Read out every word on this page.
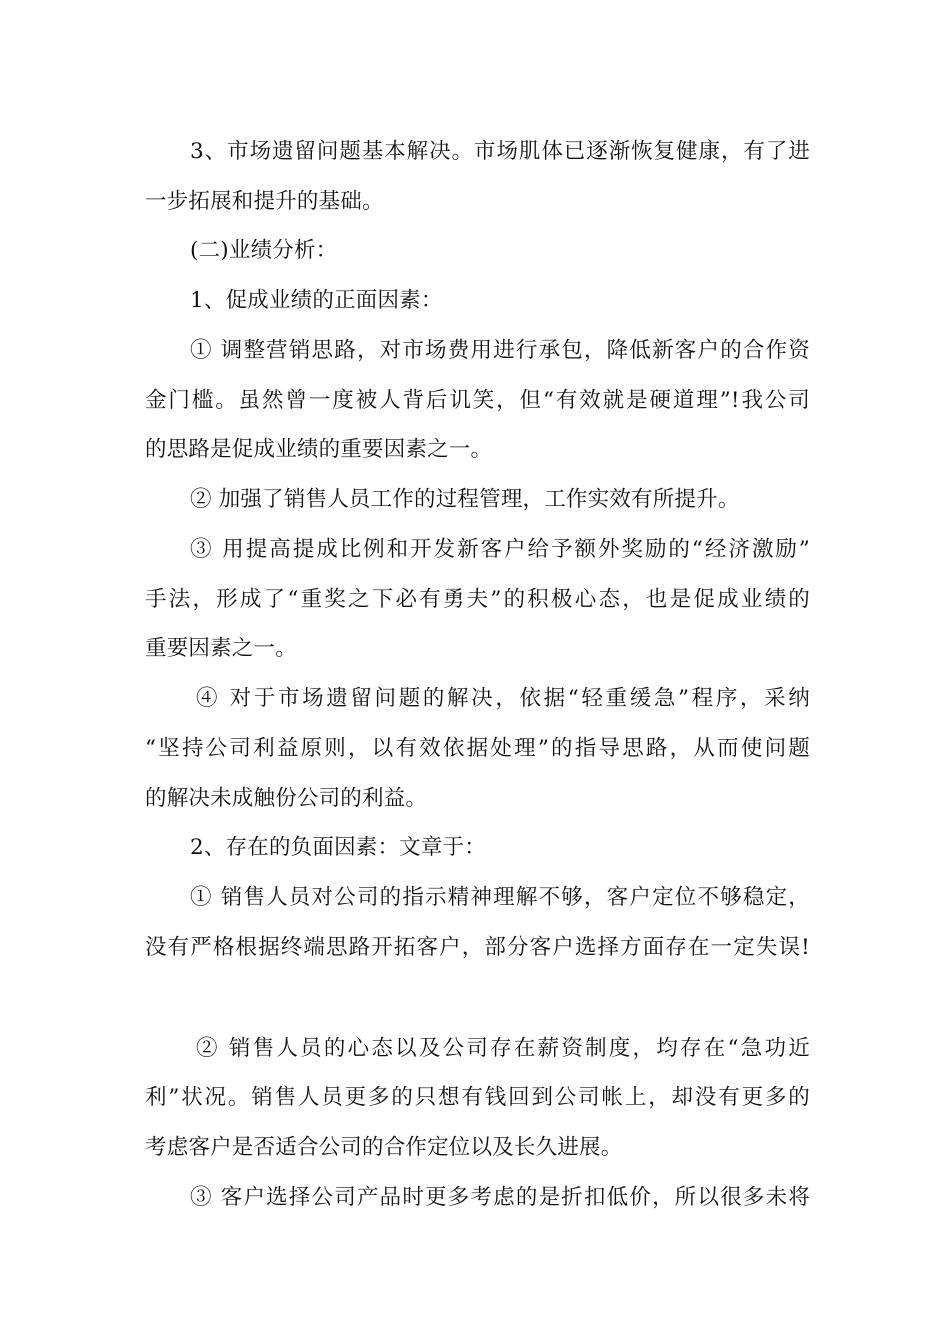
3、市场遗留问题基本解决。市场肌体已逐渐恢复健康，有了进
一步拓展和提升的基础。
(二)业绩分析：
1、促成业绩的正面因素：
① 调整营销思路，对市场费用进行承包，降低新客户的合作资
金门槛。虽然曾一度被人背后讥笑，但“有效就是硬道理”!我公司
的思路是促成业绩的重要因素之一。
② 加强了销售人员工作的过程管理，工作实效有所提升。
③ 用提高提成比例和开发新客户给予额外奖励的“经济激励”
手法，形成了“重奖之下必有勇夫”的积极心态，也是促成业绩的
重要因素之一。
④ 对于市场遗留问题的解决，依据“轻重缓急”程序，采纳
“坚持公司利益原则，以有效依据处理”的指导思路，从而使问题
的解决未成触份公司的利益。
2、存在的负面因素：文章于：
① 销售人员对公司的指示精神理解不够，客户定位不够稳定，
没有严格根据终端思路开拓客户，部分客户选择方面存在一定失误!
② 销售人员的心态以及公司存在薪资制度，均存在“急功近
利”状况。销售人员更多的只想有钱回到公司帐上，却没有更多的
考虑客户是否适合公司的合作定位以及长久进展。
③ 客户选择公司产品时更多考虑的是折扣低价，所以很多未将
